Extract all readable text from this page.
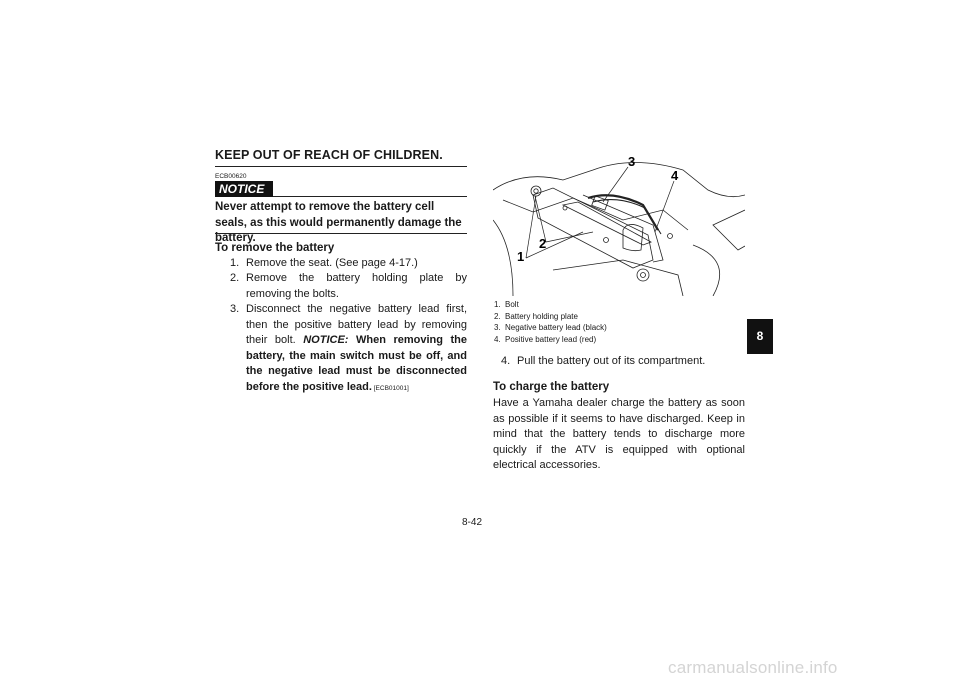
KEEP OUT OF REACH OF CHILDREN.
ECB00620
NOTICE
Never attempt to remove the battery cell seals, as this would permanently damage the battery.
To remove the battery
1. Remove the seat. (See page 4-17.)
2. Remove the battery holding plate by removing the bolts.
3. Disconnect the negative battery lead first, then the positive battery lead by removing their bolt. NOTICE: When removing the battery, the main switch must be off, and the negative lead must be disconnected before the positive lead. [ECB01001]
1
2
3
4
1. Bolt
2. Battery holding plate
3. Negative battery lead (black)
4. Positive battery lead (red)
4. Pull the battery out of its compartment.
To charge the battery
Have a Yamaha dealer charge the battery as soon as possible if it seems to have discharged. Keep in mind that the battery tends to discharge more quickly if the ATV is equipped with optional electrical accessories.
8
8-42
carmanualsonline.info
